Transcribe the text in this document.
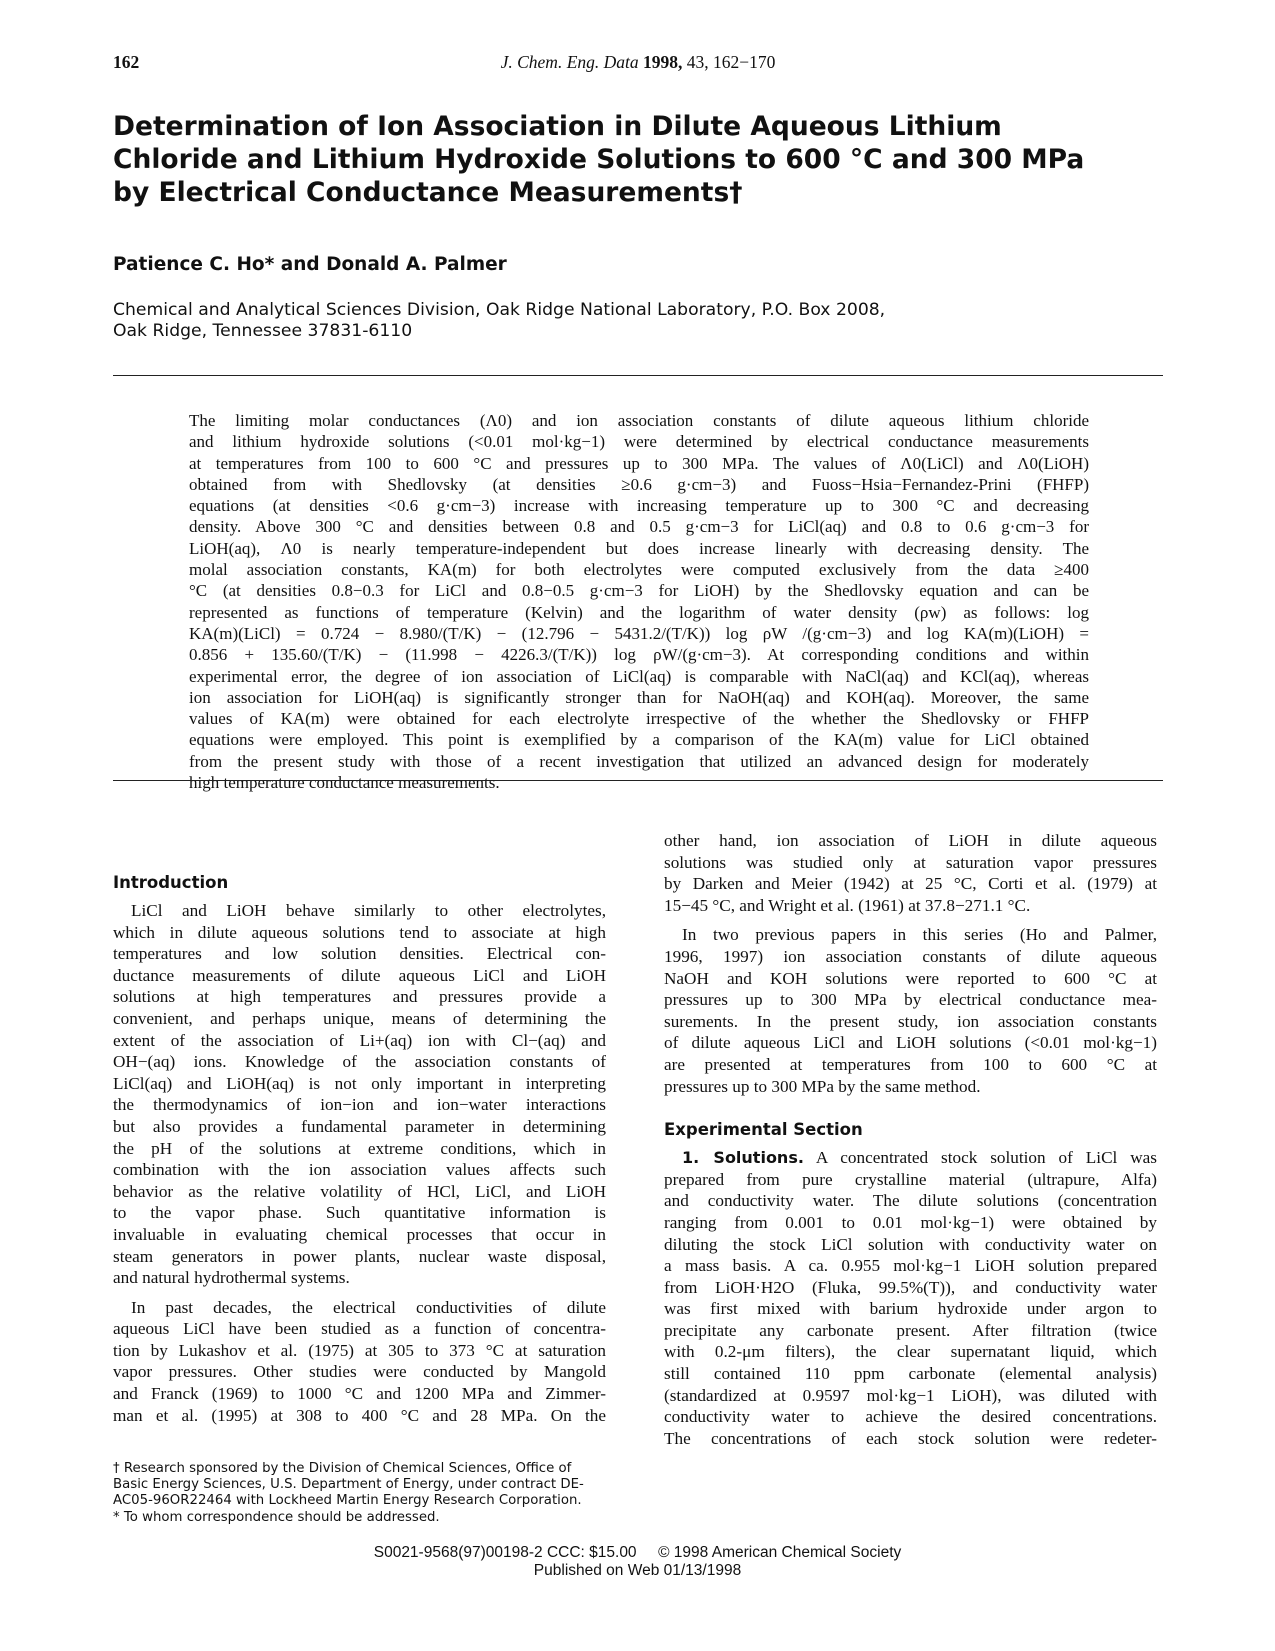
162	J. Chem. Eng. Data 1998, 43, 162−170
Determination of Ion Association in Dilute Aqueous Lithium
Chloride and Lithium Hydroxide Solutions to 600 °C and 300 MPa
by Electrical Conductance Measurements†

Patience C. Ho* and Donald A. Palmer

Chemical and Analytical Sciences Division, Oak Ridge National Laboratory, P.O. Box 2008,
Oak Ridge, Tennessee 37831-6110

The limiting molar conductances (Λ0) and ion association constants of dilute aqueous lithium chloride
and lithium hydroxide solutions (<0.01 mol·kg−1) were determined by electrical conductance measurements
at temperatures from 100 to 600 °C and pressures up to 300 MPa. The values of Λ0(LiCl) and Λ0(LiOH)
obtained from with Shedlovsky (at densities ≥0.6 g·cm−3) and Fuoss−Hsia−Fernandez-Prini (FHFP)
equations (at densities <0.6 g·cm−3) increase with increasing temperature up to 300 °C and decreasing
density. Above 300 °C and densities between 0.8 and 0.5 g·cm−3 for LiCl(aq) and 0.8 to 0.6 g·cm−3 for
LiOH(aq), Λ0 is nearly temperature-independent but does increase linearly with decreasing density. The
molal association constants, KA(m) for both electrolytes were computed exclusively from the data ≥400
°C (at densities 0.8−0.3 for LiCl and 0.8−0.5 g·cm−3 for LiOH) by the Shedlovsky equation and can be
represented as functions of temperature (Kelvin) and the logarithm of water density (ρw) as follows: log
KA(m)(LiCl) = 0.724 − 8.980/(T/K) − (12.796 − 5431.2/(T/K)) log ρW /(g·cm−3) and log KA(m)(LiOH) =
0.856 + 135.60/(T/K) − (11.998 − 4226.3/(T/K)) log ρW/(g·cm−3). At corresponding conditions and within
experimental error, the degree of ion association of LiCl(aq) is comparable with NaCl(aq) and KCl(aq), whereas
ion association for LiOH(aq) is significantly stronger than for NaOH(aq) and KOH(aq). Moreover, the same
values of KA(m) were obtained for each electrolyte irrespective of the whether the Shedlovsky or FHFP
equations were employed. This point is exemplified by a comparison of the KA(m) value for LiCl obtained
from the present study with those of a recent investigation that utilized an advanced design for moderately
high temperature conductance measurements.
Introduction
LiCl and LiOH behave similarly to other electrolytes,
which in dilute aqueous solutions tend to associate at high
temperatures and low solution densities. Electrical con-
ductance measurements of dilute aqueous LiCl and LiOH
solutions at high temperatures and pressures provide a
convenient, and perhaps unique, means of determining the
extent of the association of Li+(aq) ion with Cl−(aq) and
OH−(aq) ions. Knowledge of the association constants of
LiCl(aq) and LiOH(aq) is not only important in interpreting
the thermodynamics of ion−ion and ion−water interactions
but also provides a fundamental parameter in determining
the pH of the solutions at extreme conditions, which in
combination with the ion association values affects such
behavior as the relative volatility of HCl, LiCl, and LiOH
to the vapor phase. Such quantitative information is
invaluable in evaluating chemical processes that occur in
steam generators in power plants, nuclear waste disposal,
and natural hydrothermal systems.
In past decades, the electrical conductivities of dilute
aqueous LiCl have been studied as a function of concentra-
tion by Lukashov et al. (1975) at 305 to 373 °C at saturation
vapor pressures. Other studies were conducted by Mangold
and Franck (1969) to 1000 °C and 1200 MPa and Zimmer-
man et al. (1995) at 308 to 400 °C and 28 MPa. On the
other hand, ion association of LiOH in dilute aqueous
solutions was studied only at saturation vapor pressures
by Darken and Meier (1942) at 25 °C, Corti et al. (1979) at
15−45 °C, and Wright et al. (1961) at 37.8−271.1 °C.
In two previous papers in this series (Ho and Palmer,
1996, 1997) ion association constants of dilute aqueous
NaOH and KOH solutions were reported to 600 °C at
pressures up to 300 MPa by electrical conductance mea-
surements. In the present study, ion association constants
of dilute aqueous LiCl and LiOH solutions (<0.01 mol·kg−1)
are presented at temperatures from 100 to 600 °C at
pressures up to 300 MPa by the same method.
Experimental Section
1. Solutions. A concentrated stock solution of LiCl was
prepared from pure crystalline material (ultrapure, Alfa)
and conductivity water. The dilute solutions (concentration
ranging from 0.001 to 0.01 mol·kg−1) were obtained by
diluting the stock LiCl solution with conductivity water on
a mass basis. A ca. 0.955 mol·kg−1 LiOH solution prepared
from LiOH·H2O (Fluka, 99.5%(T)), and conductivity water
was first mixed with barium hydroxide under argon to
precipitate any carbonate present. After filtration (twice
with 0.2-μm filters), the clear supernatant liquid, which
still contained 110 ppm carbonate (elemental analysis)
(standardized at 0.9597 mol·kg−1 LiOH), was diluted with
conductivity water to achieve the desired concentrations.
The concentrations of each stock solution were redeter-
† Research sponsored by the Division of Chemical Sciences, Office of
Basic Energy Sciences, U.S. Department of Energy, under contract DE-
AC05-96OR22464 with Lockheed Martin Energy Research Corporation.
* To whom correspondence should be addressed.
S0021-9568(97)00198-2 CCC: $15.00     © 1998 American Chemical Society
Published on Web 01/13/1998
